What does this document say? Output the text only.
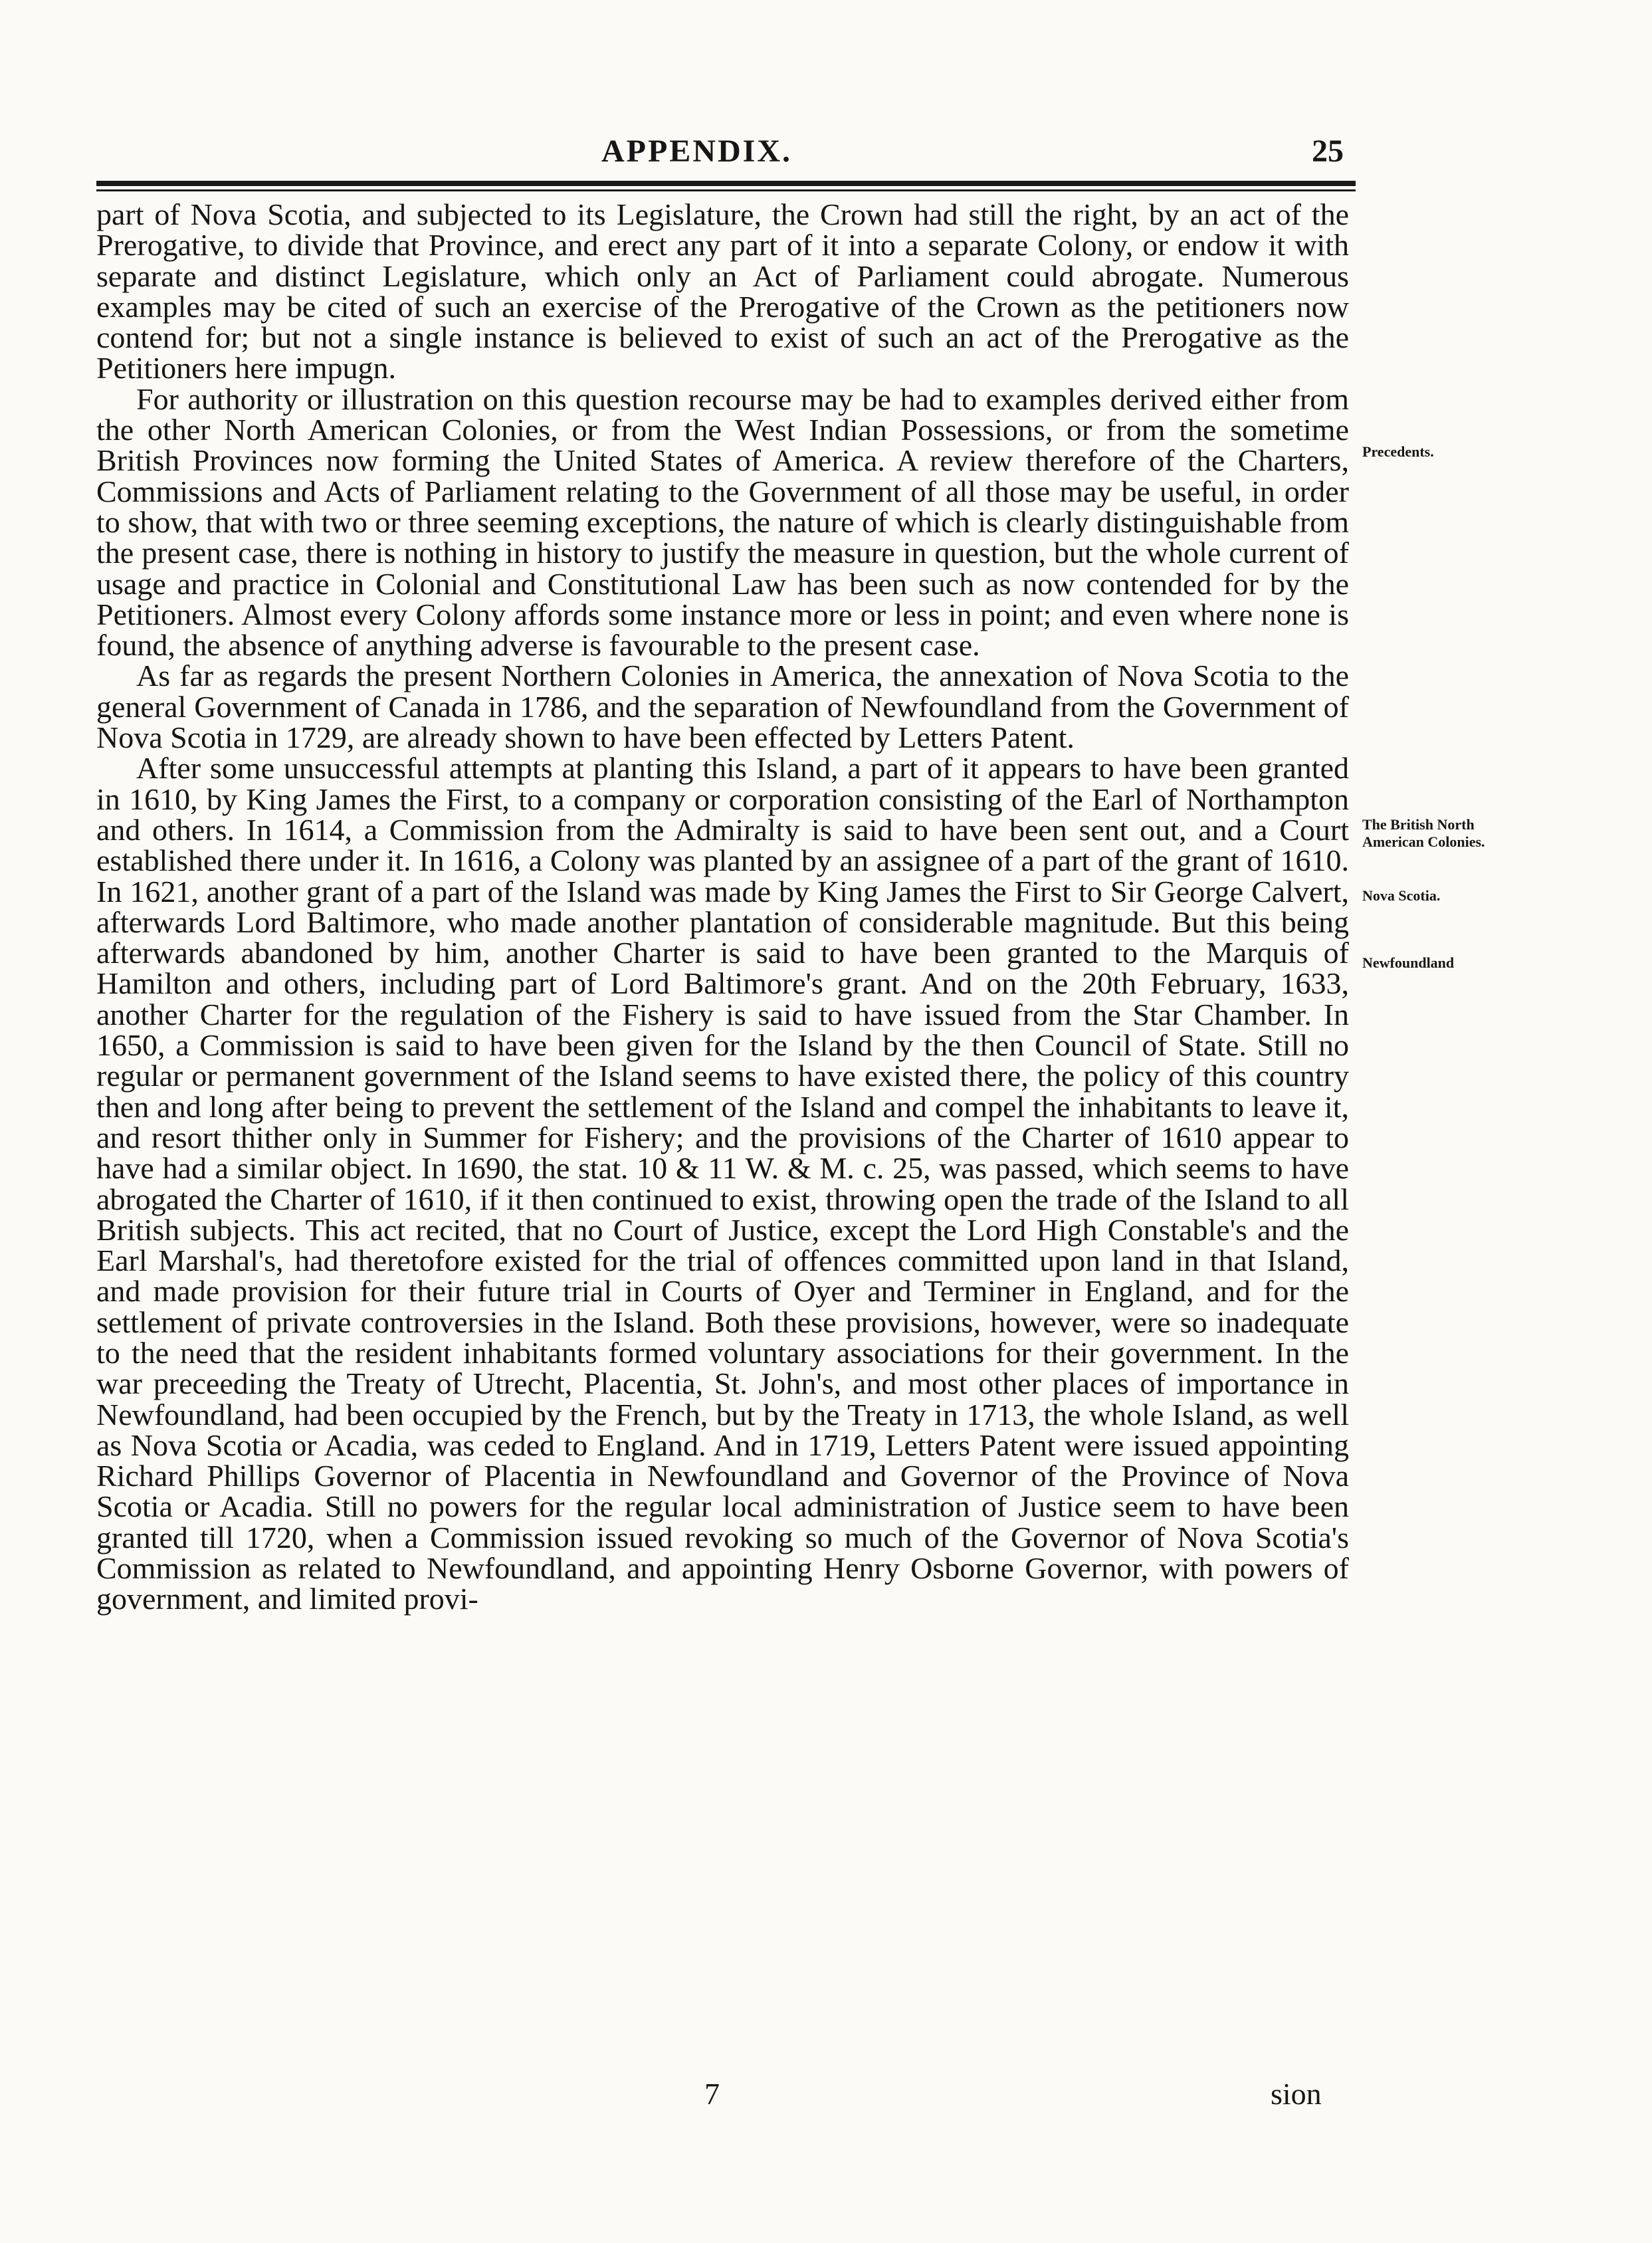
APPENDIX.	25

part of Nova Scotia, and subjected to its Legislature, the Crown had still the right, by an act of the Prerogative, to divide that Province, and erect any part of it into a separate Colony, or endow it with separate and distinct Legislature, which only an Act of Parliament could abrogate. Numerous examples may be cited of such an exercise of the Prerogative of the Crown as the petitioners now contend for; but not a single instance is believed to exist of such an act of the Prerogative as the Petitioners here impugn.

For authority or illustration on this question recourse may be had to examples derived either from the other North American Colonies, or from the West Indian Possessions, or from the sometime British Provinces now forming the United States of America. A review therefore of the Charters, Commissions and Acts of Parliament relating to the Government of all those may be useful, in order to show, that with two or three seeming exceptions, the nature of which is clearly distinguishable from the present case, there is nothing in history to justify the measure in question, but the whole current of usage and practice in Colonial and Constitutional Law has been such as now contended for by the Petitioners. Almost every Colony affords some instance more or less in point; and even where none is found, the absence of anything adverse is favourable to the present case.

As far as regards the present Northern Colonies in America, the annexation of Nova Scotia to the general Government of Canada in 1786, and the separation of Newfoundland from the Government of Nova Scotia in 1729, are already shown to have been effected by Letters Patent.

After some unsuccessful attempts at planting this Island, a part of it appears to have been granted in 1610, by King James the First, to a company or corporation consisting of the Earl of Northampton and others. In 1614, a Commission from the Admiralty is said to have been sent out, and a Court established there under it. In 1616, a Colony was planted by an assignee of a part of the grant of 1610. In 1621, another grant of a part of the Island was made by King James the First to Sir George Calvert, afterwards Lord Baltimore, who made another plantation of considerable magnitude. But this being afterwards abandoned by him, another Charter is said to have been granted to the Marquis of Hamilton and others, including part of Lord Baltimore's grant. And on the 20th February, 1633, another Charter for the regulation of the Fishery is said to have issued from the Star Chamber. In 1650, a Commission is said to have been given for the Island by the then Council of State. Still no regular or permanent government of the Island seems to have existed there, the policy of this country then and long after being to prevent the settlement of the Island and compel the inhabitants to leave it, and resort thither only in Summer for Fishery; and the provisions of the Charter of 1610 appear to have had a similar object. In 1690, the stat. 10 & 11 W. & M. c. 25, was passed, which seems to have abrogated the Charter of 1610, if it then continued to exist, throwing open the trade of the Island to all British subjects. This act recited, that no Court of Justice, except the Lord High Constable's and the Earl Marshal's, had theretofore existed for the trial of offences committed upon land in that Island, and made provision for their future trial in Courts of Oyer and Terminer in England, and for the settlement of private controversies in the Island. Both these provisions, however, were so inadequate to the need that the resident inhabitants formed voluntary associations for their government. In the war preceeding the Treaty of Utrecht, Placentia, St. John's, and most other places of importance in Newfoundland, had been occupied by the French, but by the Treaty in 1713, the whole Island, as well as Nova Scotia or Acadia, was ceded to England. And in 1719, Letters Patent were issued appointing Richard Phillips Governor of Placentia in Newfoundland and Governor of the Province of Nova Scotia or Acadia. Still no powers for the regular local administration of Justice seem to have been granted till 1720, when a Commission issued revoking so much of the Governor of Nova Scotia's Commission as related to Newfoundland, and appointing Henry Osborne Governor, with powers of government, and limited provi-

Precedents.
The British North American Colonies.
Nova Scotia.
Newfoundland
7	sion
